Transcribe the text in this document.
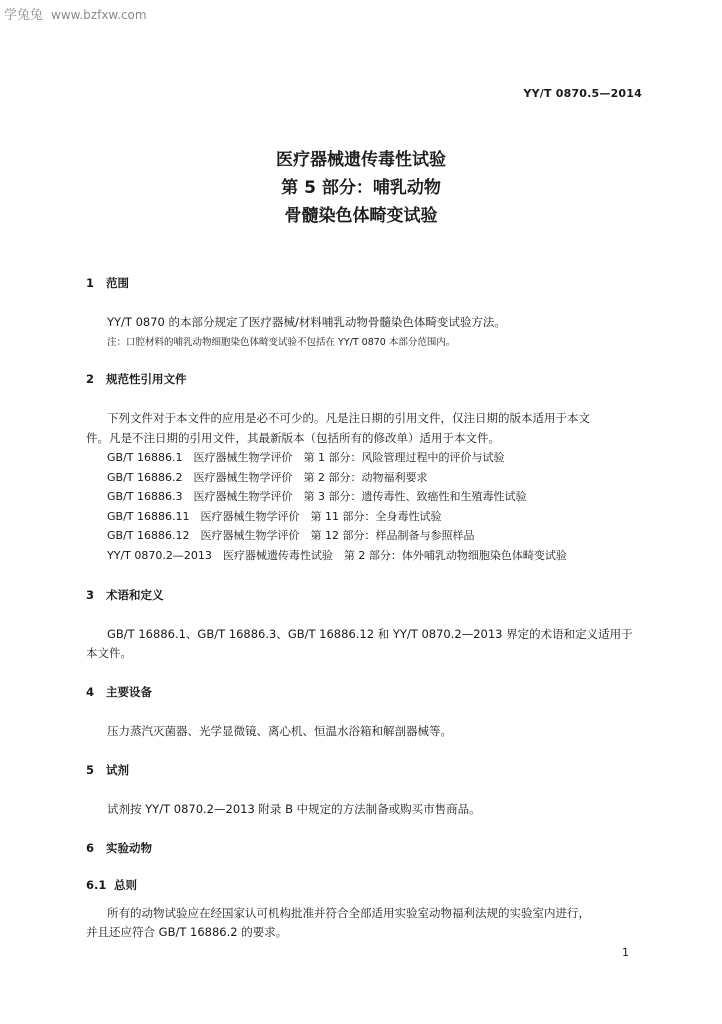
学兔兔 www.bzfxw.com
YY/T 0870.5—2014
医疗器械遗传毒性试验
第 5 部分：哺乳动物
骨髓染色体畸变试验
1 范围
YY/T 0870 的本部分规定了医疗器械/材料哺乳动物骨髓染色体畸变试验方法。
注：口腔材料的哺乳动物细胞染色体畸变试验不包括在 YY/T 0870 本部分范围内。
2 规范性引用文件
下列文件对于本文件的应用是必不可少的。凡是注日期的引用文件，仅注日期的版本适用于本文
件。凡是不注日期的引用文件，其最新版本（包括所有的修改单）适用于本文件。
GB/T 16886.1　医疗器械生物学评价　第 1 部分：风险管理过程中的评价与试验
GB/T 16886.2　医疗器械生物学评价　第 2 部分：动物福利要求
GB/T 16886.3　医疗器械生物学评价　第 3 部分：遗传毒性、致癌性和生殖毒性试验
GB/T 16886.11　医疗器械生物学评价　第 11 部分：全身毒性试验
GB/T 16886.12　医疗器械生物学评价　第 12 部分：样品制备与参照样品
YY/T 0870.2—2013　医疗器械遗传毒性试验　第 2 部分：体外哺乳动物细胞染色体畸变试验
3 术语和定义
GB/T 16886.1、GB/T 16886.3、GB/T 16886.12 和 YY/T 0870.2—2013 界定的术语和定义适用于
本文件。
4 主要设备
压力蒸汽灭菌器、光学显微镜、离心机、恒温水浴箱和解剖器械等。
5 试剂
试剂按 YY/T 0870.2—2013 附录 B 中规定的方法制备或购买市售商品。
6 实验动物
6.1 总则
所有的动物试验应在经国家认可机构批准并符合全部适用实验室动物福利法规的实验室内进行，
并且还应符合 GB/T 16886.2 的要求。
1
